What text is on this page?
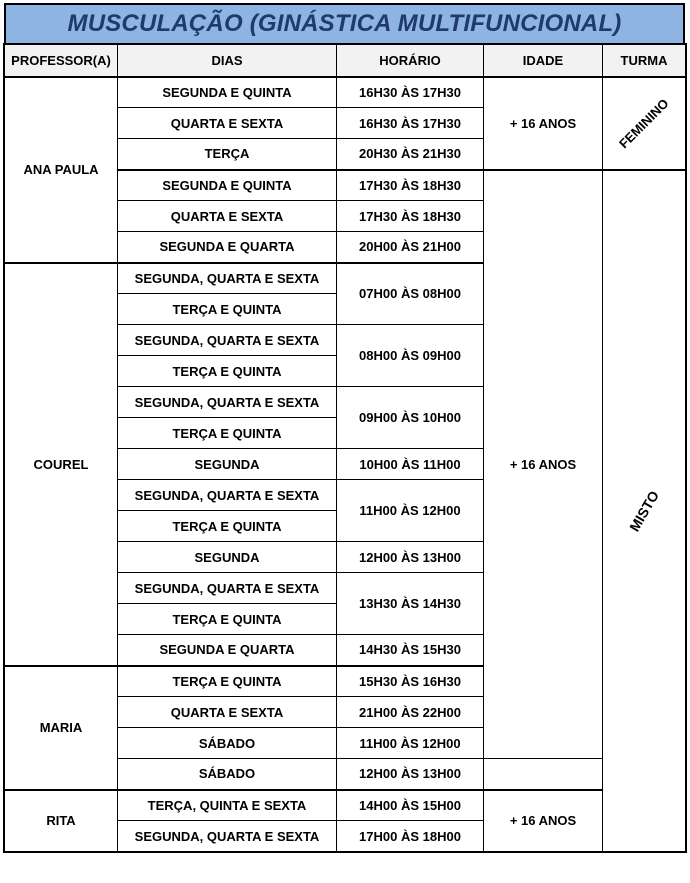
MUSCULAÇÃO (GINÁSTICA MULTIFUNCIONAL)
PROFESSOR(A)	DIAS	HORÁRIO	IDADE	TURMA	
ANA PAULA	SEGUNDA E QUINTA	16H30 ÀS 17H30	+ 16 ANOS	FEMININO	
	QUARTA E SEXTA	16H30 ÀS 17H30			
	TERÇA	20H30 ÀS 21H30			
	SEGUNDA E QUINTA	17H30 ÀS 18H30	+ 16 ANOS	MISTO	
	QUARTA E SEXTA	17H30 ÀS 18H30			
	SEGUNDA E QUARTA	20H00 ÀS 21H00			
COUREL	SEGUNDA, QUARTA E SEXTA	07H00 ÀS 08H00			
	TERÇA E QUINTA				
	SEGUNDA, QUARTA E SEXTA	08H00 ÀS 09H00			
	TERÇA E QUINTA				
	SEGUNDA, QUARTA E SEXTA	09H00 ÀS 10H00			
	TERÇA E QUINTA				
	SEGUNDA	10H00 ÀS 11H00			
	SEGUNDA, QUARTA E SEXTA	11H00 ÀS 12H00			
	TERÇA E QUINTA				
	SEGUNDA	12H00 ÀS 13H00			
	SEGUNDA, QUARTA E SEXTA	13H30 ÀS 14H30			
	TERÇA E QUINTA				
	SEGUNDA E QUARTA	14H30 ÀS 15H30			
MARIA	TERÇA E QUINTA	15H30 ÀS 16H30	
	QUARTA E SEXTA	21H00 ÀS 22H00			
	SÁBADO	11H00 ÀS 12H00			
	SÁBADO	12H00 ÀS 13H00			
RITA	TERÇA, QUINTA E SEXTA	14H00 ÀS 15H00	+ 16 ANOS		
	SEGUNDA, QUARTA E SEXTA	17H00 ÀS 18H00			
